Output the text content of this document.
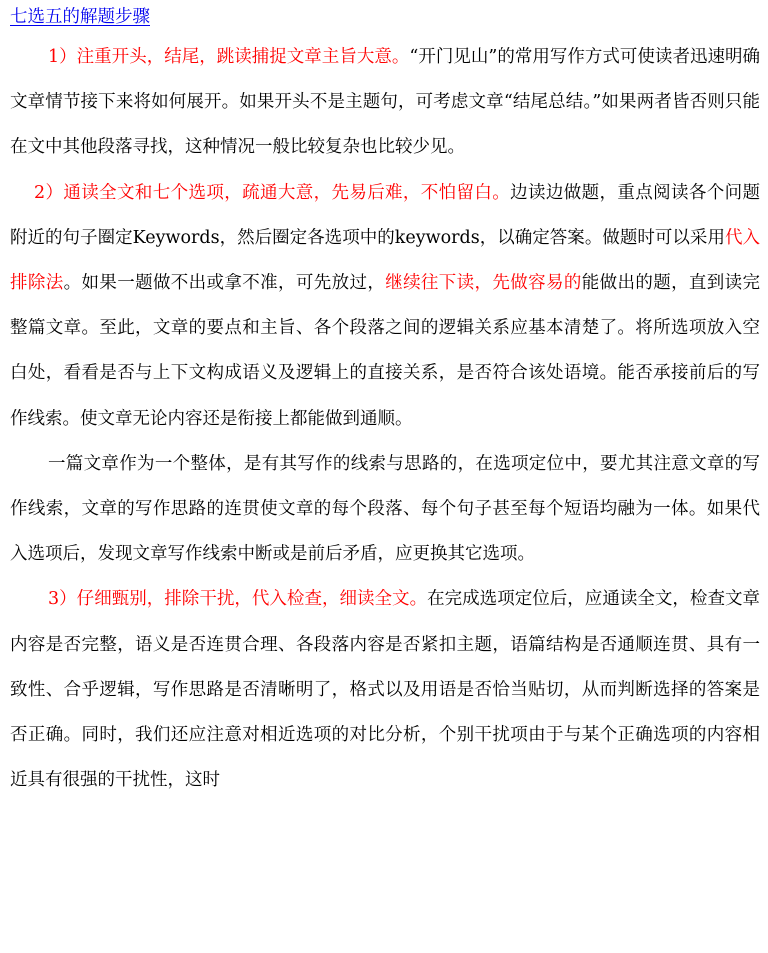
七选五的解题步骤

1）注重开头，结尾，跳读捕捉文章主旨大意。“开门见山”的常用写作方式可使读者迅速明确文章情节接下来将如何展开。如果开头不是主题句，可考虑文章“结尾总结。”如果两者皆否则只能在文中其他段落寻找，这种情况一般比较复杂也比较少见。

2）通读全文和七个选项，疏通大意，先易后难，不怕留白。边读边做题，重点阅读各个问题附近的句子圈定Keywords，然后圈定各选项中的keywords，以确定答案。做题时可以采用代入排除法。如果一题做不出或拿不准，可先放过，继续往下读，先做容易的能做出的题，直到读完整篇文章。至此，文章的要点和主旨、各个段落之间的逻辑关系应基本清楚了。将所选项放入空白处，看看是否与上下文构成语义及逻辑上的直接关系，是否符合该处语境。能否承接前后的写作线索。使文章无论内容还是衔接上都能做到通顺。

一篇文章作为一个整体，是有其写作的线索与思路的，在选项定位中，要尤其注意文章的写作线索，文章的写作思路的连贯使文章的每个段落、每个句子甚至每个短语均融为一体。如果代入选项后，发现文章写作线索中断或是前后矛盾，应更换其它选项。

3）仔细甄别，排除干扰，代入检查，细读全文。在完成选项定位后，应通读全文，检查文章内容是否完整，语义是否连贯合理、各段落内容是否紧扣主题，语篇结构是否通顺连贯、具有一致性、合乎逻辑，写作思路是否清晰明了，格式以及用语是否恰当贴切，从而判断选择的答案是否正确。同时，我们还应注意对相近选项的对比分析，个别干扰项由于与某个正确选项的内容相近具有很强的干扰性，这时
